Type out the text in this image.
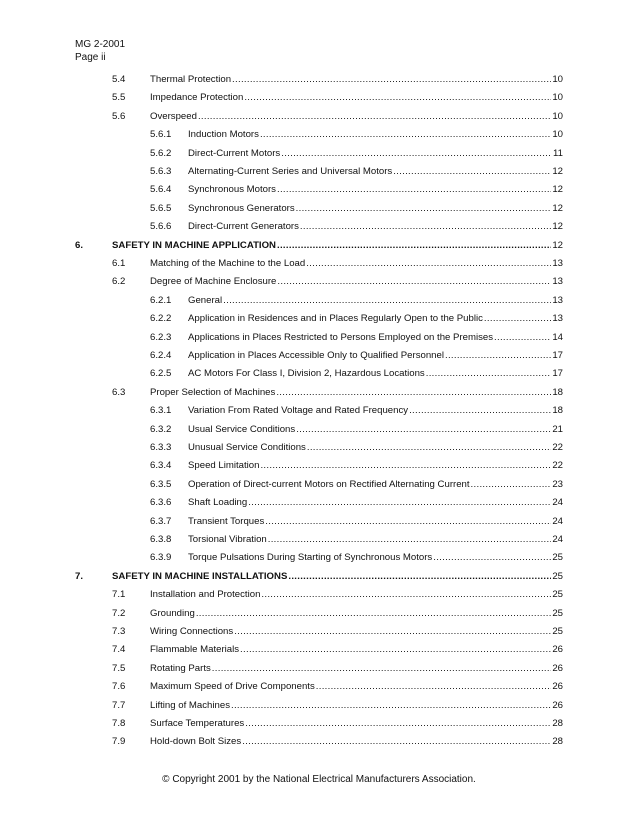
MG 2-2001
Page ii
5.4	Thermal Protection .....	10
5.5	Impedance Protection .....	10
5.6	Overspeed .....	10
5.6.1 Induction Motors .....	10
5.6.2 Direct-Current Motors .....	11
5.6.3 Alternating-Current Series and Universal Motors .....	12
5.6.4 Synchronous Motors .....	12
5.6.5 Synchronous Generators .....	12
5.6.6 Direct-Current Generators .....	12
6.	SAFETY IN MACHINE APPLICATION .....	12
6.1	Matching of the Machine to the Load .....	13
6.2	Degree of Machine Enclosure .....	13
6.2.1 General .....	13
6.2.2 Application in Residences and in Places Regularly Open to the Public .....	13
6.2.3 Applications in Places Restricted to Persons Employed on the Premises .....	14
6.2.4 Application in Places Accessible Only to Qualified Personnel .....	17
6.2.5 AC Motors For Class I, Division 2, Hazardous Locations .....	17
6.3	Proper Selection of Machines .....	18
6.3.1 Variation From Rated Voltage and Rated Frequency .....	18
6.3.2 Usual Service Conditions .....	21
6.3.3 Unusual Service Conditions .....	22
6.3.4 Speed Limitation .....	22
6.3.5 Operation of Direct-current Motors on Rectified Alternating Current .....	23
6.3.6 Shaft Loading .....	24
6.3.7 Transient Torques .....	24
6.3.8 Torsional Vibration .....	24
6.3.9 Torque Pulsations During Starting of Synchronous Motors .....	25
7.	SAFETY IN MACHINE INSTALLATIONS .....	25
7.1	Installation and Protection .....	25
7.2	Grounding .....	25
7.3	Wiring Connections .....	25
7.4	Flammable Materials .....	26
7.5	Rotating Parts .....	26
7.6	Maximum Speed of Drive Components .....	26
7.7	Lifting of Machines .....	26
7.8	Surface Temperatures .....	28
7.9	Hold-down Bolt Sizes .....	28
© Copyright 2001 by the National Electrical Manufacturers Association.
